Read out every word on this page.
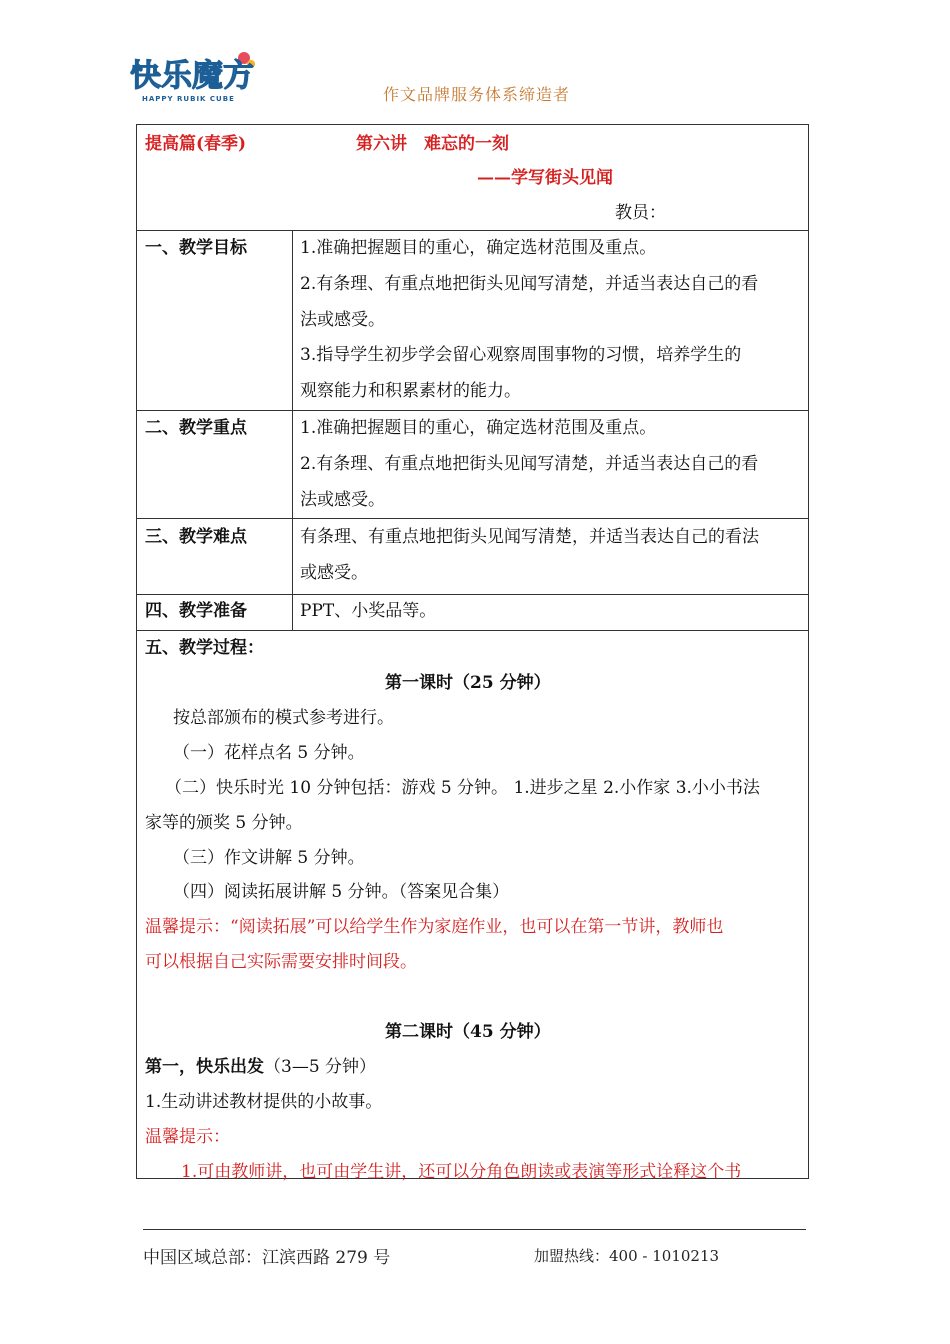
快乐魔方
HAPPY RUBIK CUBE	作文品牌服务体系缔造者
提高篇(春季)	第六讲　难忘的一刻
——学写街头见闻
教员：
一、教学目标	1.准确把握题目的重心，确定选材范围及重点。
2.有条理、有重点地把街头见闻写清楚，并适当表达自己的看
法或感受。
3.指导学生初步学会留心观察周围事物的习惯，培养学生的
观察能力和积累素材的能力。
二、教学重点	1.准确把握题目的重心，确定选材范围及重点。
2.有条理、有重点地把街头见闻写清楚，并适当表达自己的看
法或感受。
三、教学难点	有条理、有重点地把街头见闻写清楚，并适当表达自己的看法
或感受。
四、教学准备	PPT、小奖品等。
五、教学过程：
第一课时（25 分钟）
按总部颁布的模式参考进行。
（一）花样点名 5 分钟。
（二）快乐时光 10 分钟包括：游戏 5 分钟。 1.进步之星 2.小作家 3.小小书法
家等的颁奖 5 分钟。
（三）作文讲解 5 分钟。
（四）阅读拓展讲解 5 分钟。（答案见合集）
温馨提示：“阅读拓展”可以给学生作为家庭作业，也可以在第一节讲，教师也
可以根据自己实际需要安排时间段。
第二课时（45 分钟）
第一，快乐出发（3—5 分钟）
1.生动讲述教材提供的小故事。
温馨提示：
1.可由教师讲，也可由学生讲，还可以分角色朗读或表演等形式诠释这个书
中国区域总部：江滨西路 279 号	加盟热线：400 - 1010213
